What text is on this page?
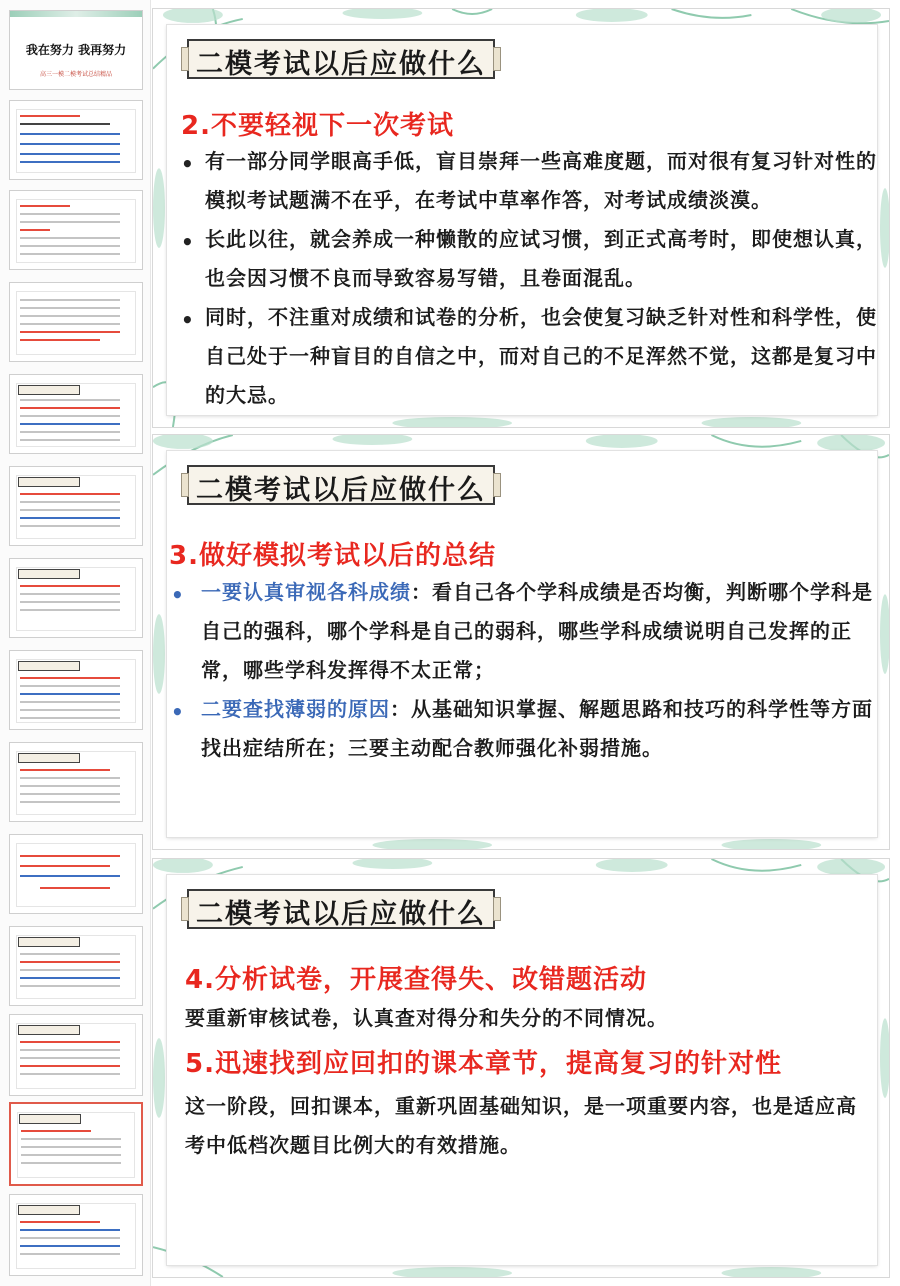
我在努力 我再努力
高三一模二模考试总结精品	二模考试以后应做什么
2.不要轻视下一次考试
• 有一部分同学眼高手低，盲目崇拜一些高难度题，而对很有复习针对性的模拟考试题满不在乎，在考试中草率作答，对考试成绩淡漠。
• 长此以往，就会养成一种懒散的应试习惯，到正式高考时，即使想认真，也会因习惯不良而导致容易写错，且卷面混乱。
• 同时，不注重对成绩和试卷的分析，也会使复习缺乏针对性和科学性，使自己处于一种盲目的自信之中，而对自己的不足浑然不觉，这都是复习中的大忌。
二模考试以后应做什么
3.做好模拟考试以后的总结
• 一要认真审视各科成绩：看自己各个学科成绩是否均衡，判断哪个学科是自己的强科，哪个学科是自己的弱科，哪些学科成绩说明自己发挥的正常，哪些学科发挥得不太正常；
• 二要查找薄弱的原因：从基础知识掌握、解题思路和技巧的科学性等方面找出症结所在；三要主动配合教师强化补弱措施。
二模考试以后应做什么
4.分析试卷，开展查得失、改错题活动
要重新审核试卷，认真查对得分和失分的不同情况。
5.迅速找到应回扣的课本章节，提高复习的针对性
这一阶段，回扣课本，重新巩固基础知识，是一项重要内容，也是适应高考中低档次题目比例大的有效措施。
